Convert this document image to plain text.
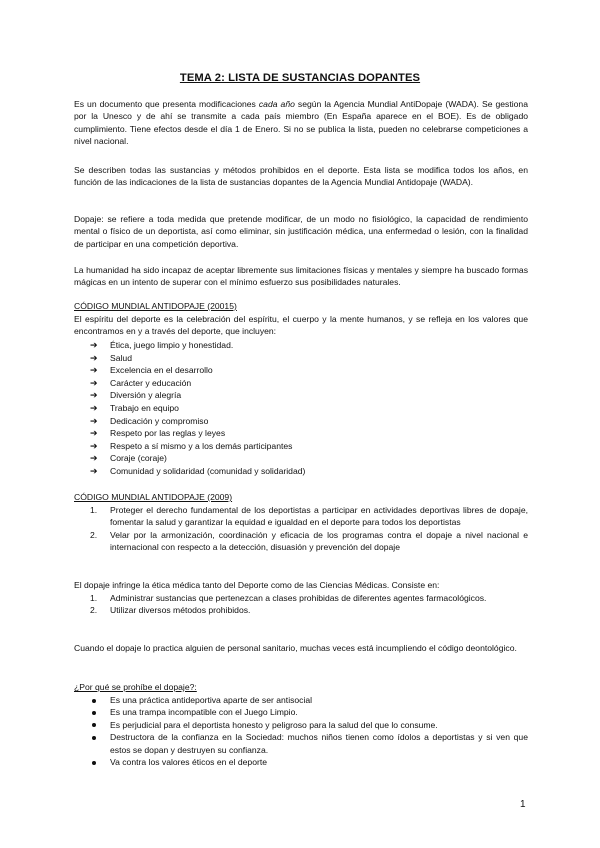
TEMA 2: LISTA DE SUSTANCIAS DOPANTES

Es un documento que presenta modificaciones cada año según la Agencia Mundial AntiDopaje (WADA). Se gestiona por la Unesco y de ahí se transmite a cada país miembro (En España aparece en el BOE). Es de obligado cumplimiento. Tiene efectos desde el día 1 de Enero. Si no se publica la lista, pueden no celebrarse competiciones a nivel nacional.

Se describen todas las sustancias y métodos prohibidos en el deporte. Esta lista se modifica todos los años, en función de las indicaciones de la lista de sustancias dopantes de la Agencia Mundial Antidopaje (WADA).

Dopaje: se refiere a toda medida que pretende modificar, de un modo no fisiológico, la capacidad de rendimiento mental o físico de un deportista, así como eliminar, sin justificación médica, una enfermedad o lesión, con la finalidad de participar en una competición deportiva.

La humanidad ha sido incapaz de aceptar libremente sus limitaciones físicas y mentales y siempre ha buscado formas mágicas en un intento de superar con el mínimo esfuerzo sus posibilidades naturales.

CÓDIGO MUNDIAL ANTIDOPAJE (20015)

El espíritu del deporte es la celebración del espíritu, el cuerpo y la mente humanos, y se refleja en los valores que encontramos en y a través del deporte, que incluyen:

➔ Ética, juego limpio y honestidad.
➔ Salud
➔ Excelencia en el desarrollo
➔ Carácter y educación
➔ Diversión y alegría
➔ Trabajo en equipo
➔ Dedicación y compromiso
➔ Respeto por las reglas y leyes
➔ Respeto a sí mismo y a los demás participantes
➔ Coraje (coraje)
➔ Comunidad y solidaridad (comunidad y solidaridad)
CÓDIGO MUNDIAL ANTIDOPAJE (2009)
1. Proteger el derecho fundamental de los deportistas a participar en actividades deportivas libres de dopaje, fomentar la salud y garantizar la equidad e igualdad en el deporte para todos los deportistas
2. Velar por la armonización, coordinación y eficacia de los programas contra el dopaje a nivel nacional e internacional con respecto a la detección, disuasión y prevención del dopaje

El dopaje infringe la ética médica tanto del Deporte como de las Ciencias Médicas. Consiste en:

1. Administrar sustancias que pertenezcan a clases prohibidas de diferentes agentes farmacológicos.
2. Utilizar diversos métodos prohibidos.

Cuando el dopaje lo practica alguien de personal sanitario, muchas veces está incumpliendo el código deontológico.

¿Por qué se prohíbe el dopaje?:
Es una práctica antideportiva aparte de ser antisocial
Es una trampa incompatible con el Juego Limpio.
Es perjudicial para el deportista honesto y peligroso para la salud del que lo consume.
Destructora de la confianza en la Sociedad: muchos niños tienen como ídolos a deportistas y si ven que estos se dopan y destruyen su confianza.
Va contra los valores éticos en el deporte
1
